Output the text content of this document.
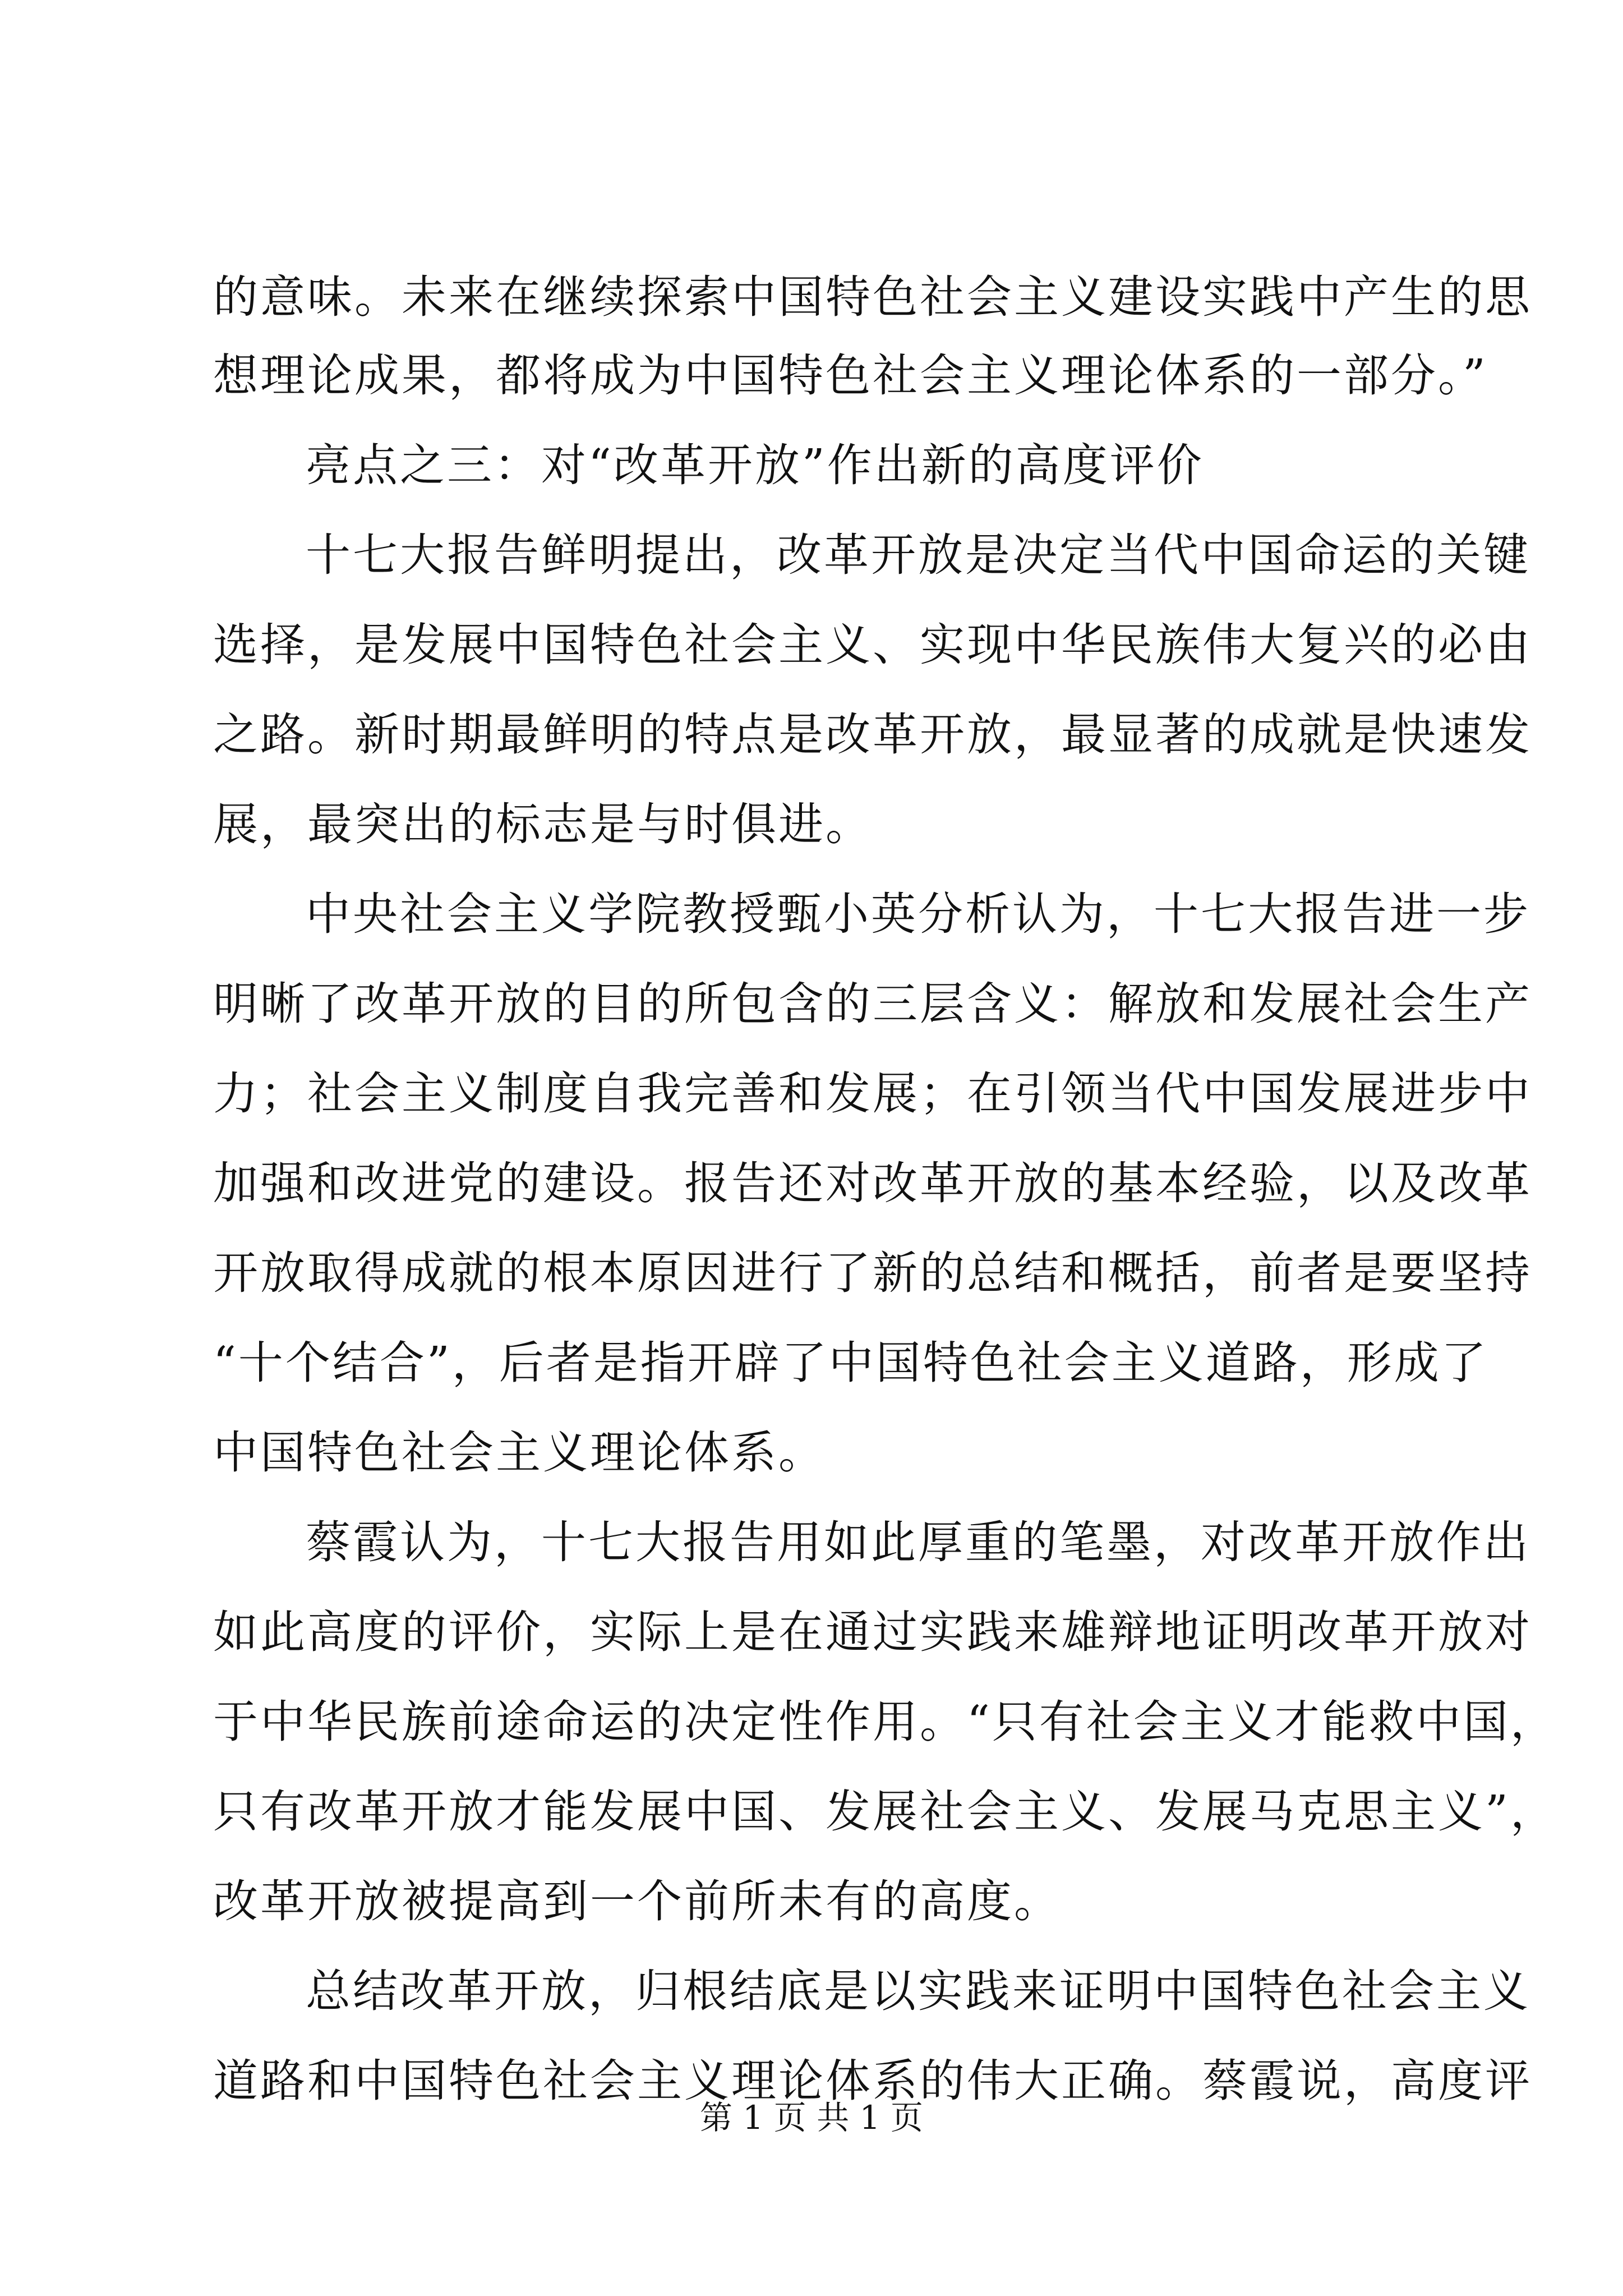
的意味。未来在继续探索中国特色社会主义建设实践中产生的思
想理论成果，都将成为中国特色社会主义理论体系的一部分。”
亮点之三：对“改革开放”作出新的高度评价
十七大报告鲜明提出，改革开放是决定当代中国命运的关键
选择，是发展中国特色社会主义、实现中华民族伟大复兴的必由
之路。新时期最鲜明的特点是改革开放，最显著的成就是快速发
展，最突出的标志是与时俱进。
中央社会主义学院教授甄小英分析认为，十七大报告进一步
明晰了改革开放的目的所包含的三层含义：解放和发展社会生产
力；社会主义制度自我完善和发展；在引领当代中国发展进步中
加强和改进党的建设。报告还对改革开放的基本经验，以及改革
开放取得成就的根本原因进行了新的总结和概括，前者是要坚持
“十个结合”，后者是指开辟了中国特色社会主义道路，形成了
中国特色社会主义理论体系。
蔡霞认为，十七大报告用如此厚重的笔墨，对改革开放作出
如此高度的评价，实际上是在通过实践来雄辩地证明改革开放对
于中华民族前途命运的决定性作用。“只有社会主义才能救中国，
只有改革开放才能发展中国、发展社会主义、发展马克思主义”，
改革开放被提高到一个前所未有的高度。
总结改革开放，归根结底是以实践来证明中国特色社会主义
道路和中国特色社会主义理论体系的伟大正确。蔡霞说，高度评
第 1 页 共 1 页
